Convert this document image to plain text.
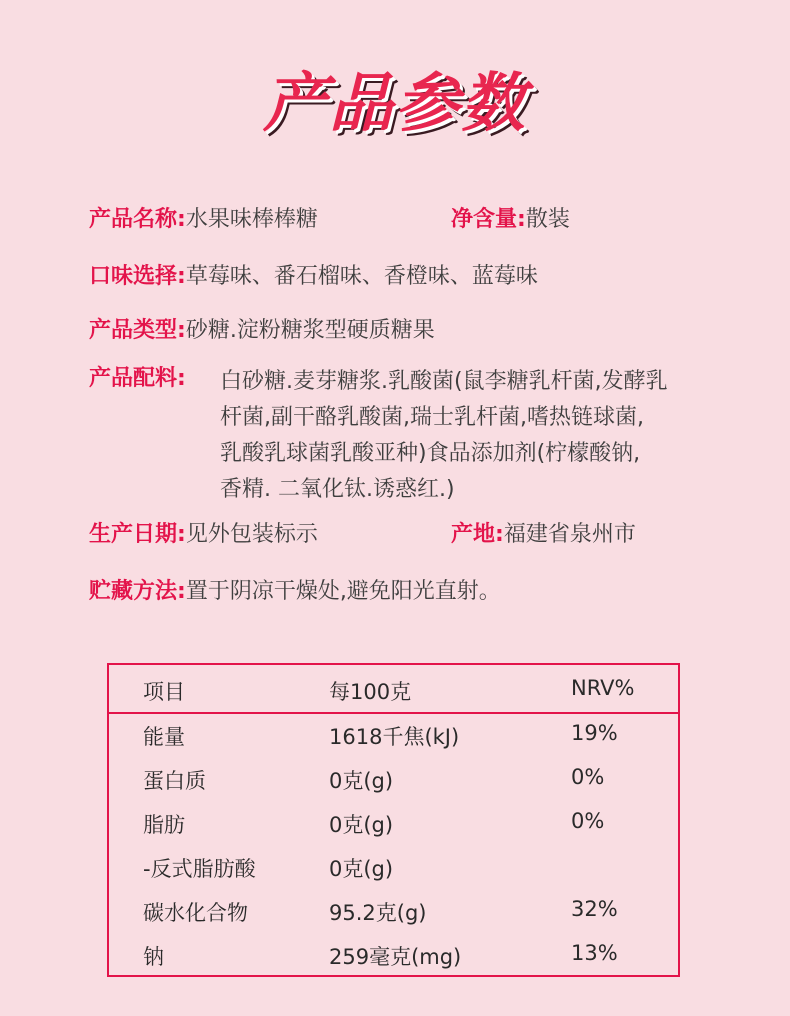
产品参数
产品名称:水果味棒棒糖	净含量:散装
口味选择:草莓味、番石榴味、香橙味、蓝莓味
产品类型:砂糖.淀粉糖浆型硬质糖果
产品配料: 白砂糖.麦芽糖浆.乳酸菌(鼠李糖乳杆菌,发酵乳
杆菌,副干酪乳酸菌,瑞士乳杆菌,嗜热链球菌,
乳酸乳球菌乳酸亚种)食品添加剂(柠檬酸钠,
香精. 二氧化钛.诱惑红.)
生产日期:见外包装标示	产地:福建省泉州市
贮藏方法:置于阴凉干燥处,避免阳光直射。
项目	每100克	NRV%
能量	1618千焦(kJ)	19%
蛋白质	0克(g)	0%
脂肪	0克(g)	0%
-反式脂肪酸	0克(g)
碳水化合物	95.2克(g)	32%
钠	259毫克(mg)	13%
